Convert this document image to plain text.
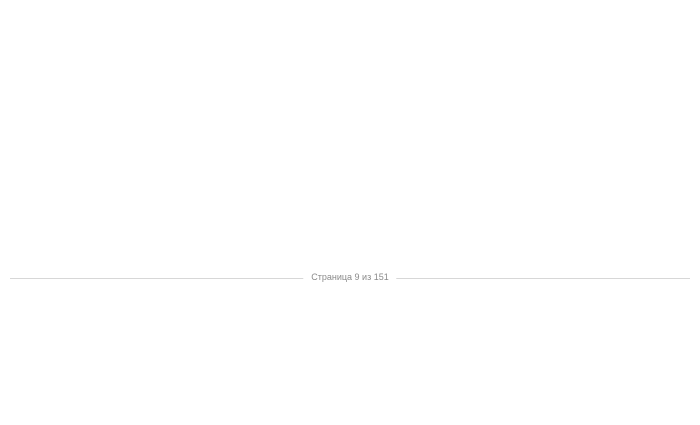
Страница 9 из 151
